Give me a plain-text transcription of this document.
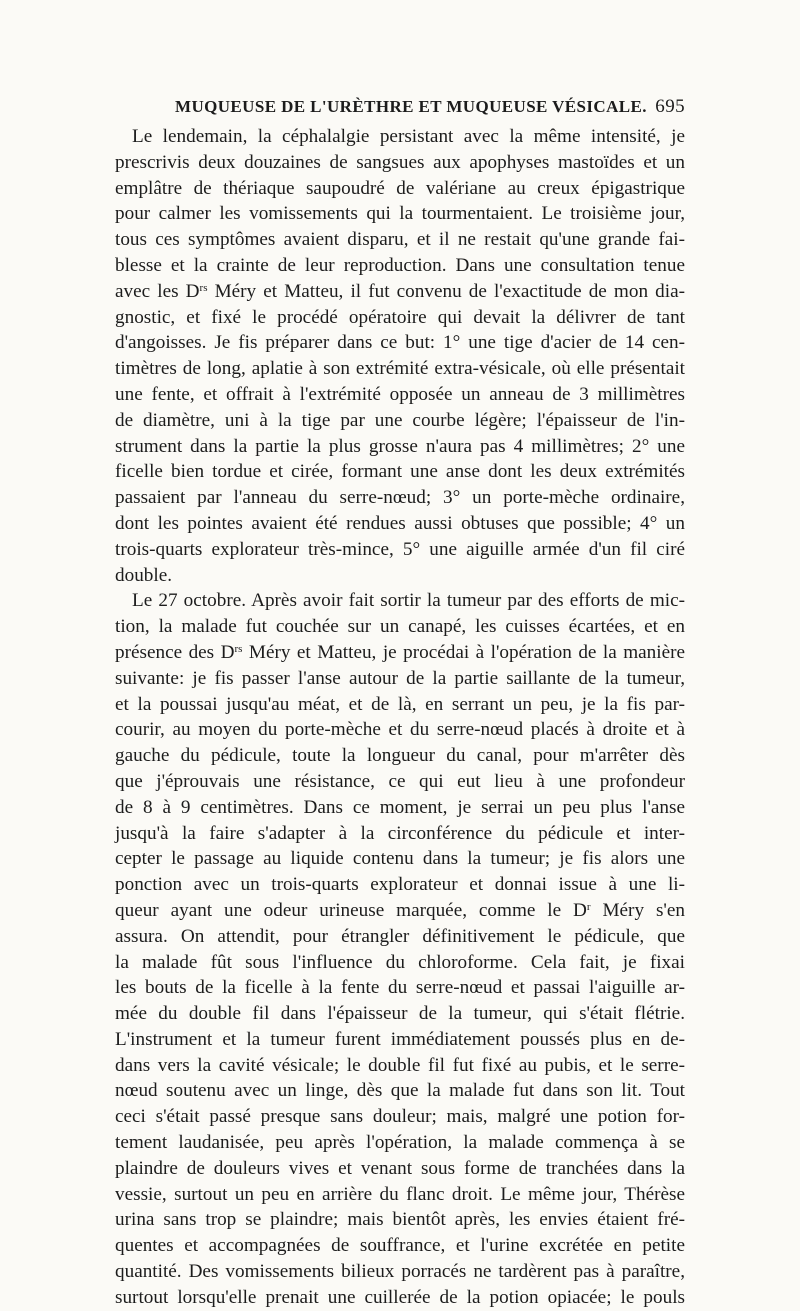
MUQUEUSE DE L'URÈTHRE ET MUQUEUSE VÉSICALE. 695
Le lendemain, la céphalalgie persistant avec la même intensité, je
prescrivis deux douzaines de sangsues aux apophyses mastoïdes et un
emplâtre de thériaque saupoudré de valériane au creux épigastrique
pour calmer les vomissements qui la tourmentaient. Le troisième jour,
tous ces symptômes avaient disparu, et il ne restait qu'une grande fai-
blesse et la crainte de leur reproduction. Dans une consultation tenue
avec les $D^{rs}$ Méry et Matteu, il fut convenu de l'exactitude de mon dia-
gnostic, et fixé le procédé opératoire qui devait la délivrer de tant
d'angoisses. Je fis préparer dans ce but: 1° une tige d'acier de 14 cen-
timètres de long, aplatie à son extrémité extra-vésicale, où elle présentait
une fente, et offrait à l'extrémité opposée un anneau de 3 millimètres
de diamètre, uni à la tige par une courbe légère; l'épaisseur de l'in-
strument dans la partie la plus grosse n'aura pas 4 millimètres; 2° une
ficelle bien tordue et cirée, formant une anse dont les deux extrémités
passaient par l'anneau du serre-nœud; 3° un porte-mèche ordinaire,
dont les pointes avaient été rendues aussi obtuses que possible; 4° un
trois-quarts explorateur très-mince, 5° une aiguille armée d'un fil ciré
double.
Le 27 octobre. Après avoir fait sortir la tumeur par des efforts de mic-
tion, la malade fut couchée sur un canapé, les cuisses écartées, et en
présence des $D^{rs}$ Méry et Matteu, je procédai à l'opération de la manière
suivante: je fis passer l'anse autour de la partie saillante de la tumeur,
et la poussai jusqu'au méat, et de là, en serrant un peu, je la fis par-
courir, au moyen du porte-mèche et du serre-nœud placés à droite et à
gauche du pédicule, toute la longueur du canal, pour m'arrêter dès
que j'éprouvais une résistance, ce qui eut lieu à une profondeur
de 8 à 9 centimètres. Dans ce moment, je serrai un peu plus l'anse
jusqu'à la faire s'adapter à la circonférence du pédicule et inter-
cepter le passage au liquide contenu dans la tumeur; je fis alors une
ponction avec un trois-quarts explorateur et donnai issue à une li-
queur ayant une odeur urineuse marquée, comme le $D^r$ Méry s'en
assura. On attendit, pour étrangler définitivement le pédicule, que
la malade fût sous l'influence du chloroforme. Cela fait, je fixai
les bouts de la ficelle à la fente du serre-nœud et passai l'aiguille ar-
mée du double fil dans l'épaisseur de la tumeur, qui s'était flétrie.
L'instrument et la tumeur furent immédiatement poussés plus en de-
dans vers la cavité vésicale; le double fil fut fixé au pubis, et le serre-
nœud soutenu avec un linge, dès que la malade fut dans son lit. Tout
ceci s'était passé presque sans douleur; mais, malgré une potion for-
tement laudanisée, peu après l'opération, la malade commença à se
plaindre de douleurs vives et venant sous forme de tranchées dans la
vessie, surtout un peu en arrière du flanc droit. Le même jour, Thérèse
urina sans trop se plaindre; mais bientôt après, les envies étaient fré-
quentes et accompagnées de souffrance, et l'urine excrétée en petite
quantité. Des vomissements bilieux porracés ne tardèrent pas à paraître,
surtout lorsqu'elle prenait une cuillerée de la potion opiacée; le pouls
